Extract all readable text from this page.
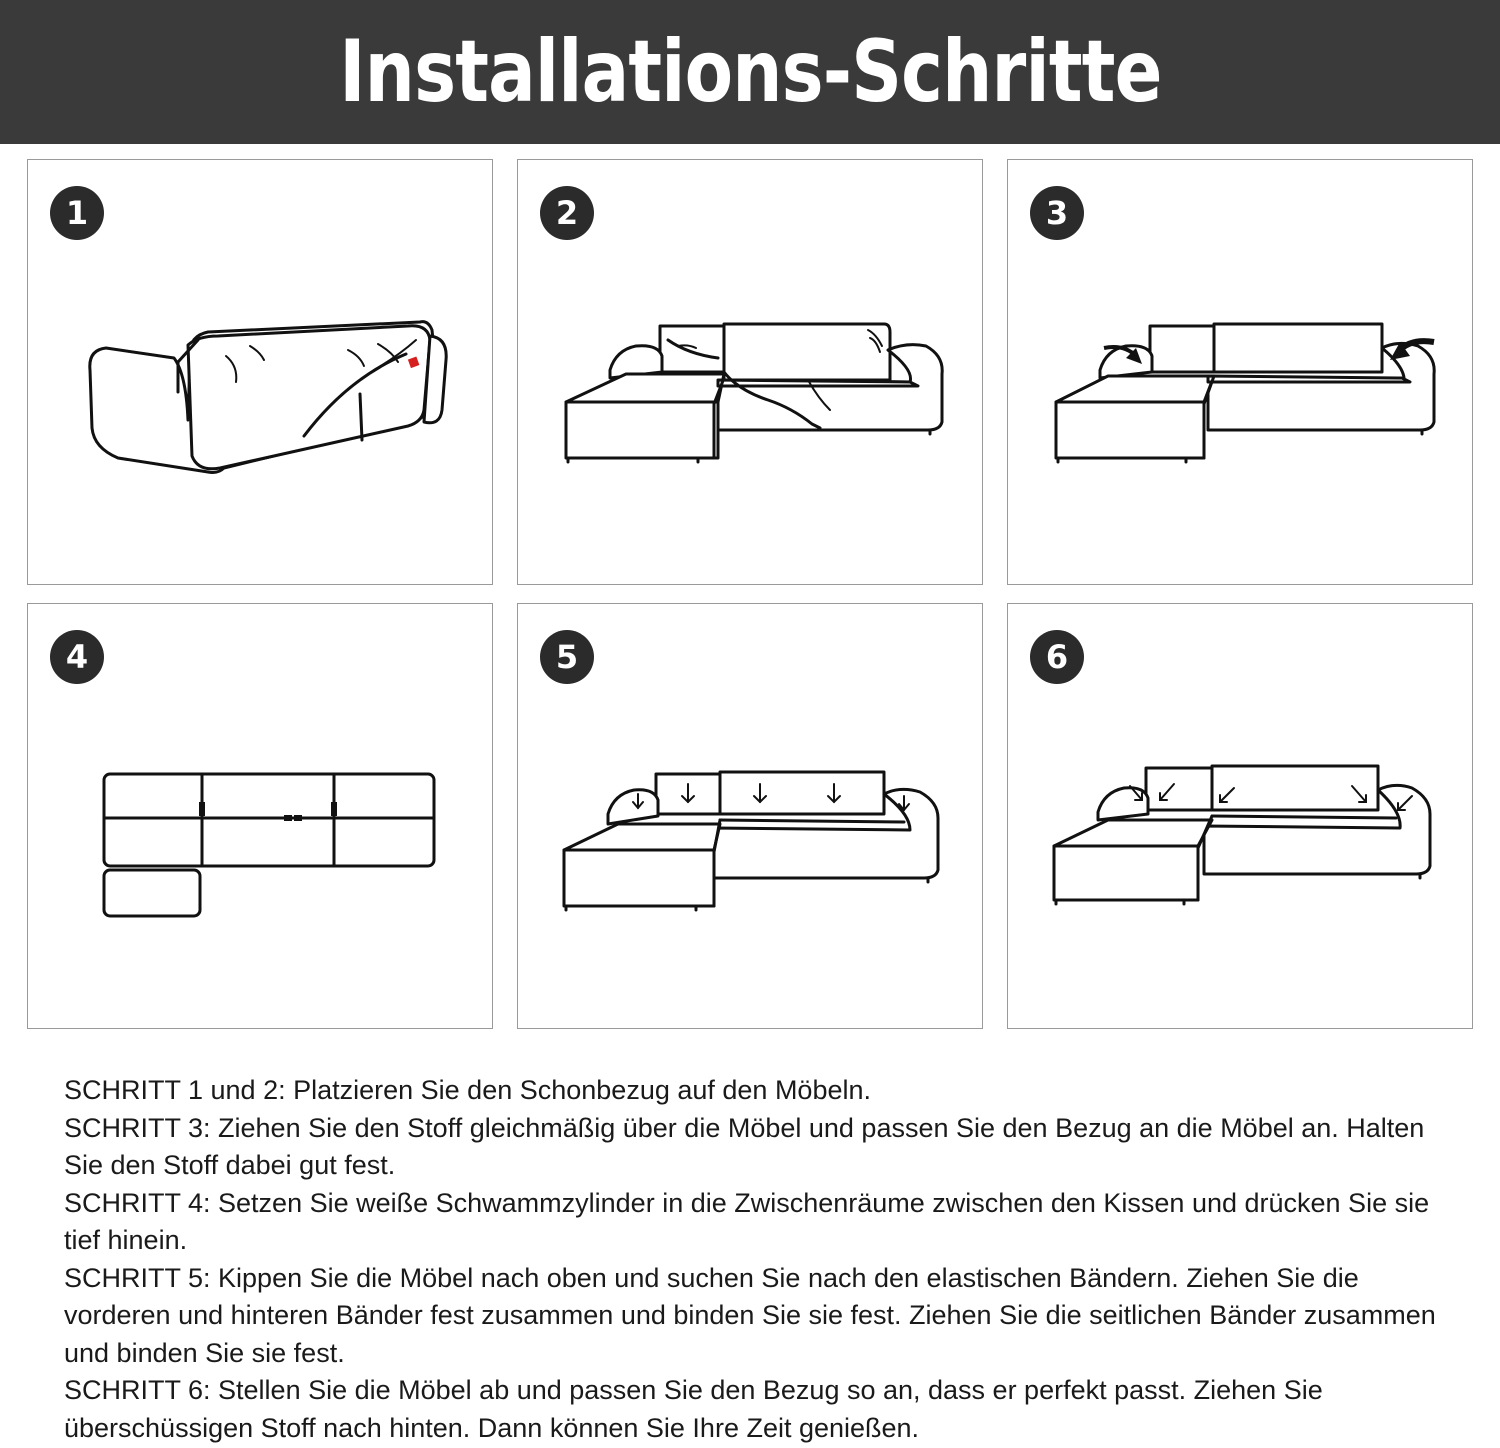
Installations-Schritte
1	2	3
4	5	6

SCHRITT 1 und 2: Platzieren Sie den Schonbezug auf den Möbeln.

SCHRITT 3: Ziehen Sie den Stoff gleichmäßig über die Möbel und passen Sie den Bezug an die Möbel an. Halten Sie den Stoff dabei gut fest.

SCHRITT 4: Setzen Sie weiße Schwammzylinder in die Zwischenräume zwischen den Kissen und drücken Sie sie tief hinein.

SCHRITT 5: Kippen Sie die Möbel nach oben und suchen Sie nach den elastischen Bändern. Ziehen Sie die vorderen und hinteren Bänder fest zusammen und binden Sie sie fest. Ziehen Sie die seitlichen Bänder zusammen und binden Sie sie fest.

SCHRITT 6: Stellen Sie die Möbel ab und passen Sie den Bezug so an, dass er perfekt passt. Ziehen Sie überschüssigen Stoff nach hinten. Dann können Sie Ihre Zeit genießen.
